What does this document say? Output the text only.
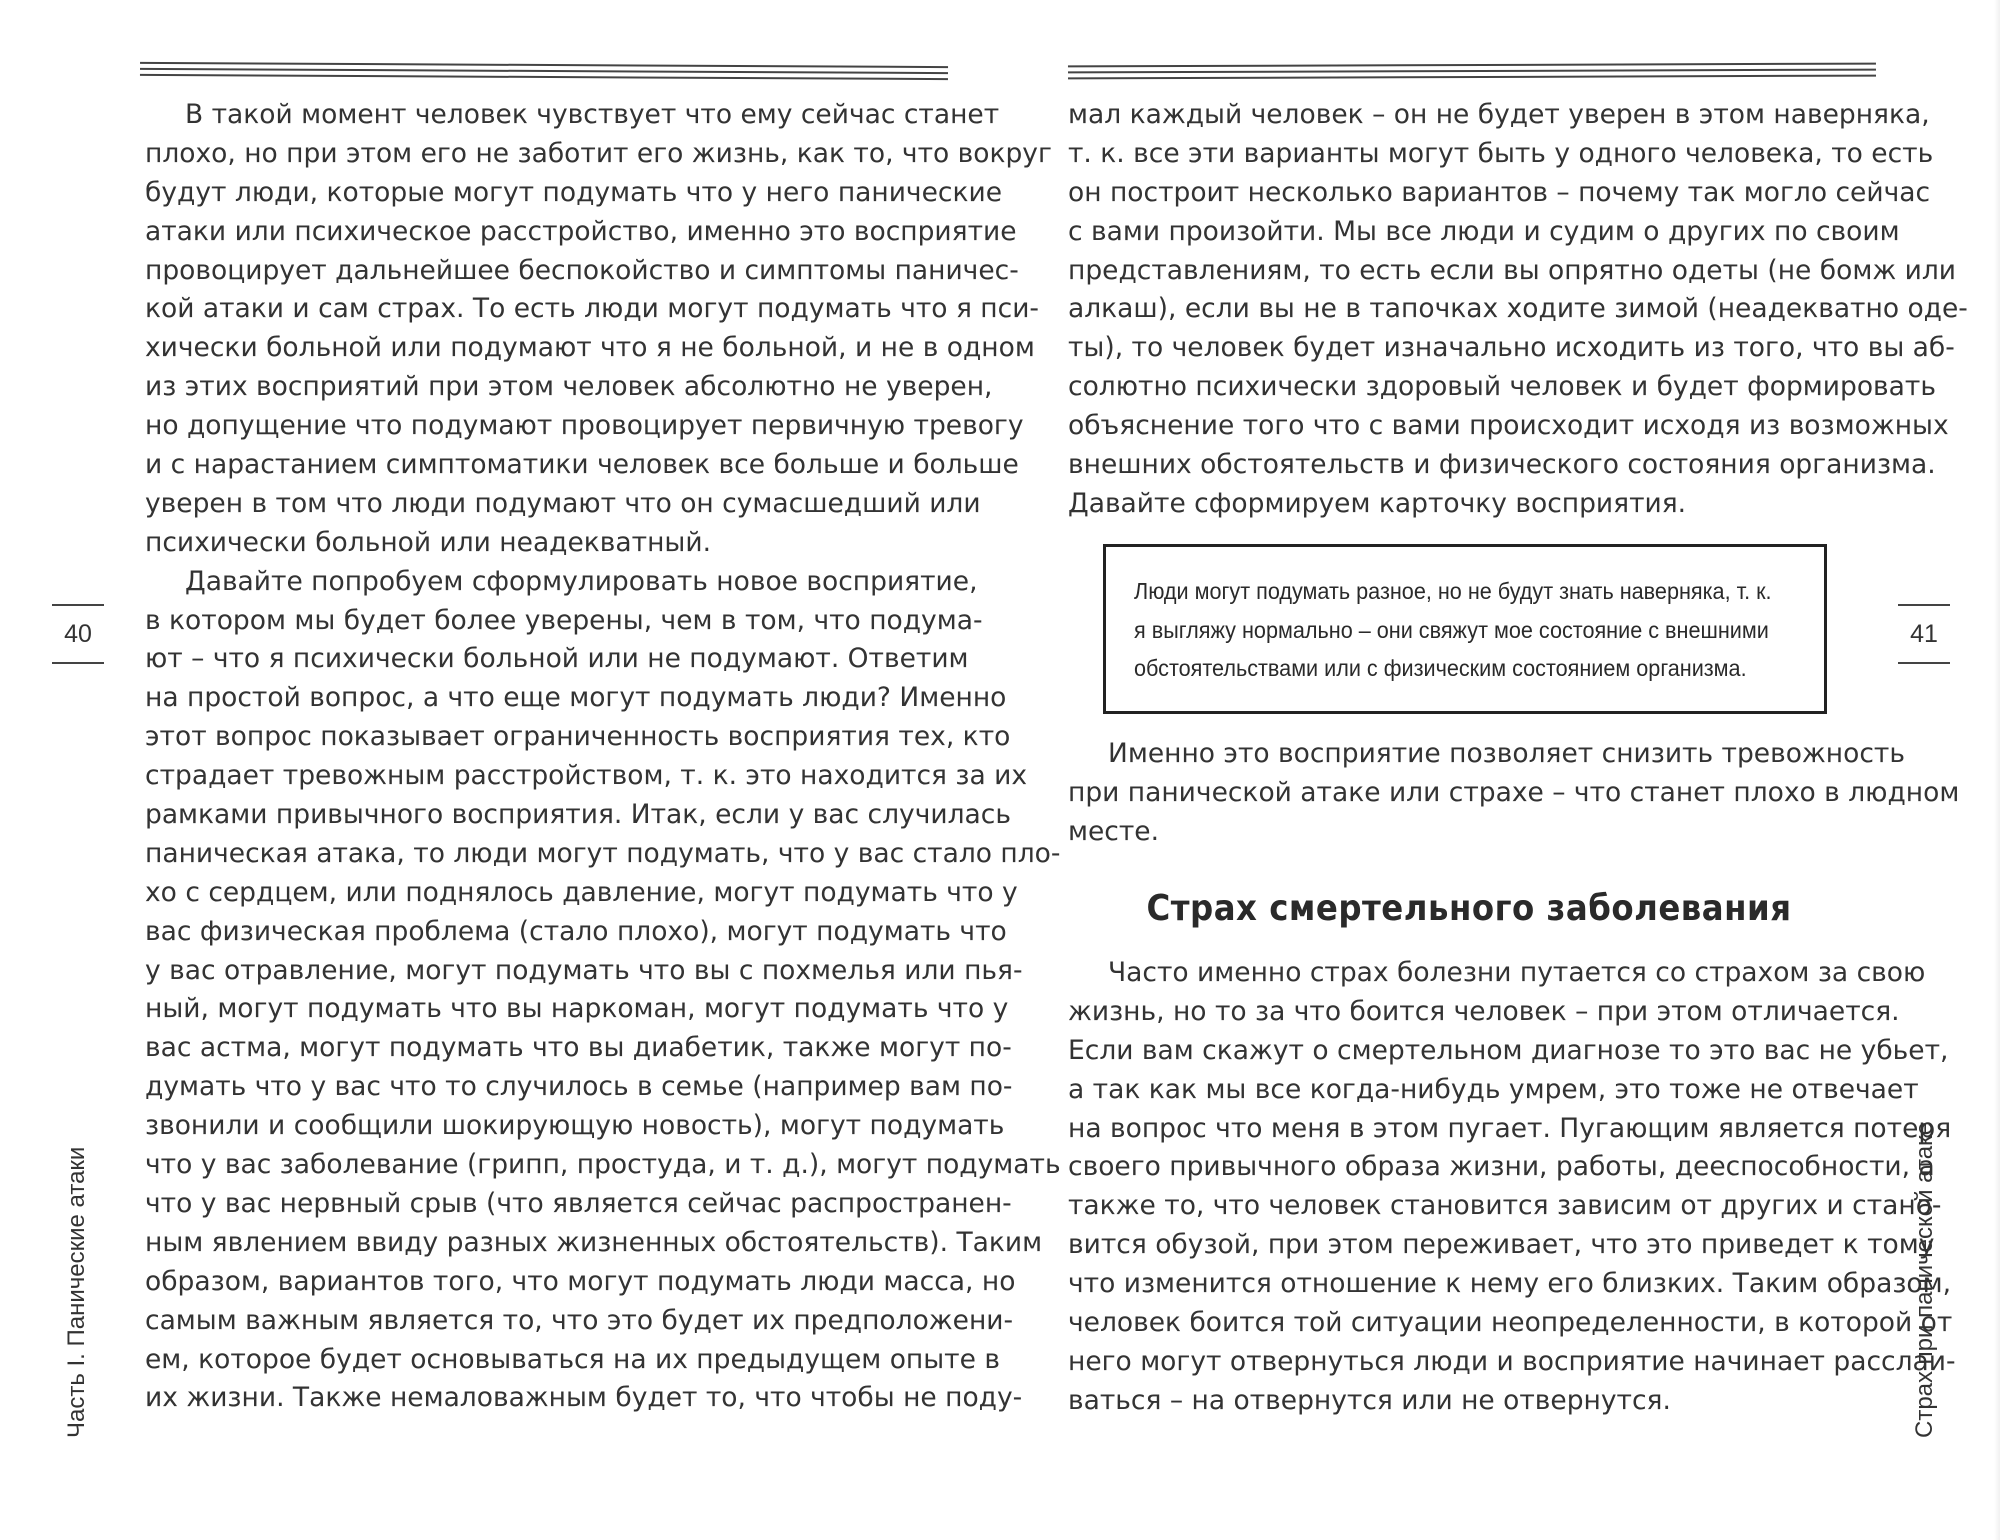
В такой момент человек чувствует что ему сейчас станет
плохо, но при этом его не заботит его жизнь, как то, что вокруг
будут люди, которые могут подумать что у него панические
атаки или психическое расстройство, именно это восприятие
провоцирует дальнейшее беспокойство и симптомы паничес-
кой атаки и сам страх. То есть люди могут подумать что я пси-
хически больной или подумают что я не больной, и не в одном
из этих восприятий при этом человек абсолютно не уверен,
но допущение что подумают провоцирует первичную тревогу
и с нарастанием симптоматики человек все больше и больше
уверен в том что люди подумают что он сумасшедший или
психически больной или неадекватный.
Давайте попробуем сформулировать новое восприятие,
в котором мы будет более уверены, чем в том, что подума-
ют – что я психически больной или не подумают. Ответим
на простой вопрос, а что еще могут подумать люди? Именно
этот вопрос показывает ограниченность восприятия тех, кто
страдает тревожным расстройством, т. к. это находится за их
рамками привычного восприятия. Итак, если у вас случилась
паническая атака, то люди могут подумать, что у вас стало пло-
хо с сердцем, или поднялось давление, могут подумать что у
вас физическая проблема (стало плохо), могут подумать что
у вас отравление, могут подумать что вы с похмелья или пья-
ный, могут подумать что вы наркоман, могут подумать что у
вас астма, могут подумать что вы диабетик, также могут по-
думать что у вас что то случилось в семье (например вам по-
звонили и сообщили шокирующую новость), могут подумать
что у вас заболевание (грипп, простуда, и т. д.), могут подумать
что у вас нервный срыв (что является сейчас распространен-
ным явлением ввиду разных жизненных обстоятельств). Таким
образом, вариантов того, что могут подумать люди масса, но
самым важным является то, что это будет их предположени-
ем, которое будет основываться на их предыдущем опыте в
их жизни. Также немаловажным будет то, что чтобы не поду-
мал каждый человек – он не будет уверен в этом наверняка,
т. к. все эти варианты могут быть у одного человека, то есть
он построит несколько вариантов – почему так могло сейчас
с вами произойти. Мы все люди и судим о других по своим
представлениям, то есть если вы опрятно одеты (не бомж или
алкаш), если вы не в тапочках ходите зимой (неадекватно оде-
ты), то человек будет изначально исходить из того, что вы аб-
солютно психически здоровый человек и будет формировать
объяснение того что с вами происходит исходя из возможных
внешних обстоятельств и физического состояния организма.
Давайте сформируем карточку восприятия.
Люди могут подумать разное, но не будут знать наверняка, т. к.
я выгляжу нормально – они свяжут мое состояние с внешними
обстоятельствами или с физическим состоянием организма.
Именно это восприятие позволяет снизить тревожность
при панической атаке или страхе – что станет плохо в людном
месте.
Страх смертельного заболевания
Часто именно страх болезни путается со страхом за свою
жизнь, но то за что боится человек – при этом отличается.
Если вам скажут о смертельном диагнозе то это вас не убьет,
а так как мы все когда-нибудь умрем, это тоже не отвечает
на вопрос что меня в этом пугает. Пугающим является потеря
своего привычного образа жизни, работы, дееспособности, а
также то, что человек становится зависим от других и стано-
вится обузой, при этом переживает, что это приведет к тому
что изменится отношение к нему его близких. Таким образом,
человек боится той ситуации неопределенности, в которой от
него могут отвернуться люди и восприятие начинает расслаи-
ваться – на отвернутся или не отвернутся.
40	41
Часть I. Панические атаки	Страх при панической атаке
